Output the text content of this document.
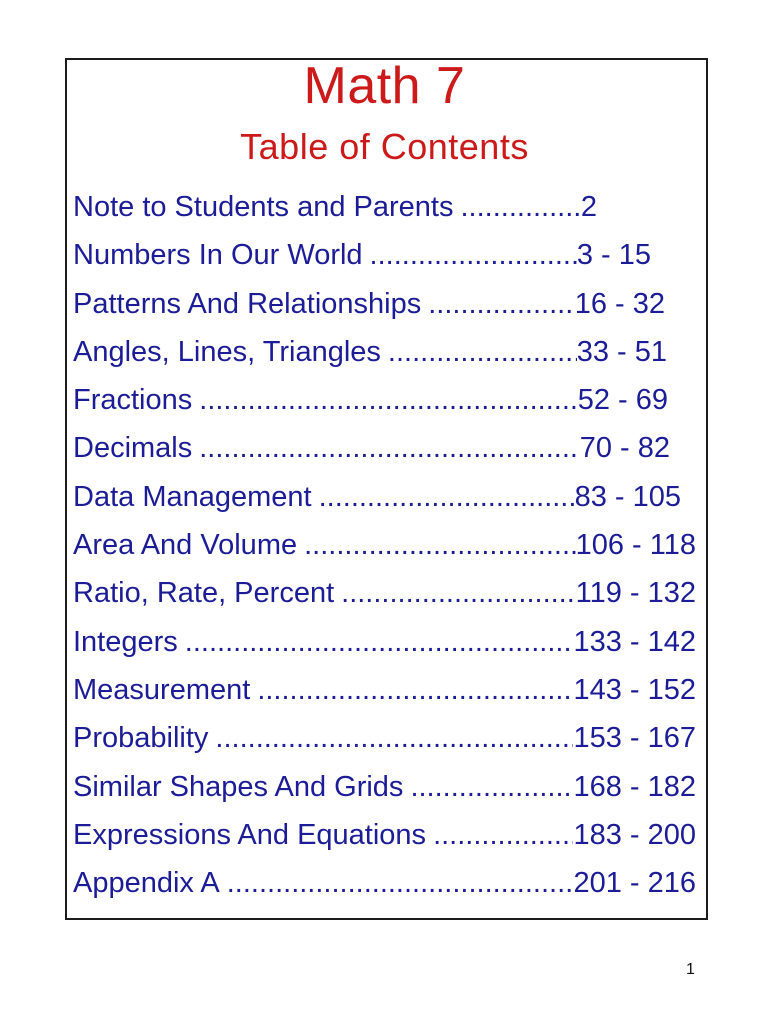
Math 7
Table of Contents
Note to Students and Parents .....	2
Numbers In Our World .....	3 - 15
Patterns And Relationships .....	16 - 32
Angles, Lines, Triangles .....	33 - 51
Fractions .....	52 - 69
Decimals .....	70 - 82
Data Management .....	83 - 105
Area And Volume .....	106 - 118
Ratio, Rate, Percent .....	119 - 132
Integers .....	133 - 142
Measurement .....	143 - 152
Probability .....	153 - 167
Similar Shapes And Grids .....	168 - 182
Expressions And Equations .....	183 - 200
Appendix A .....	201 - 216
1
